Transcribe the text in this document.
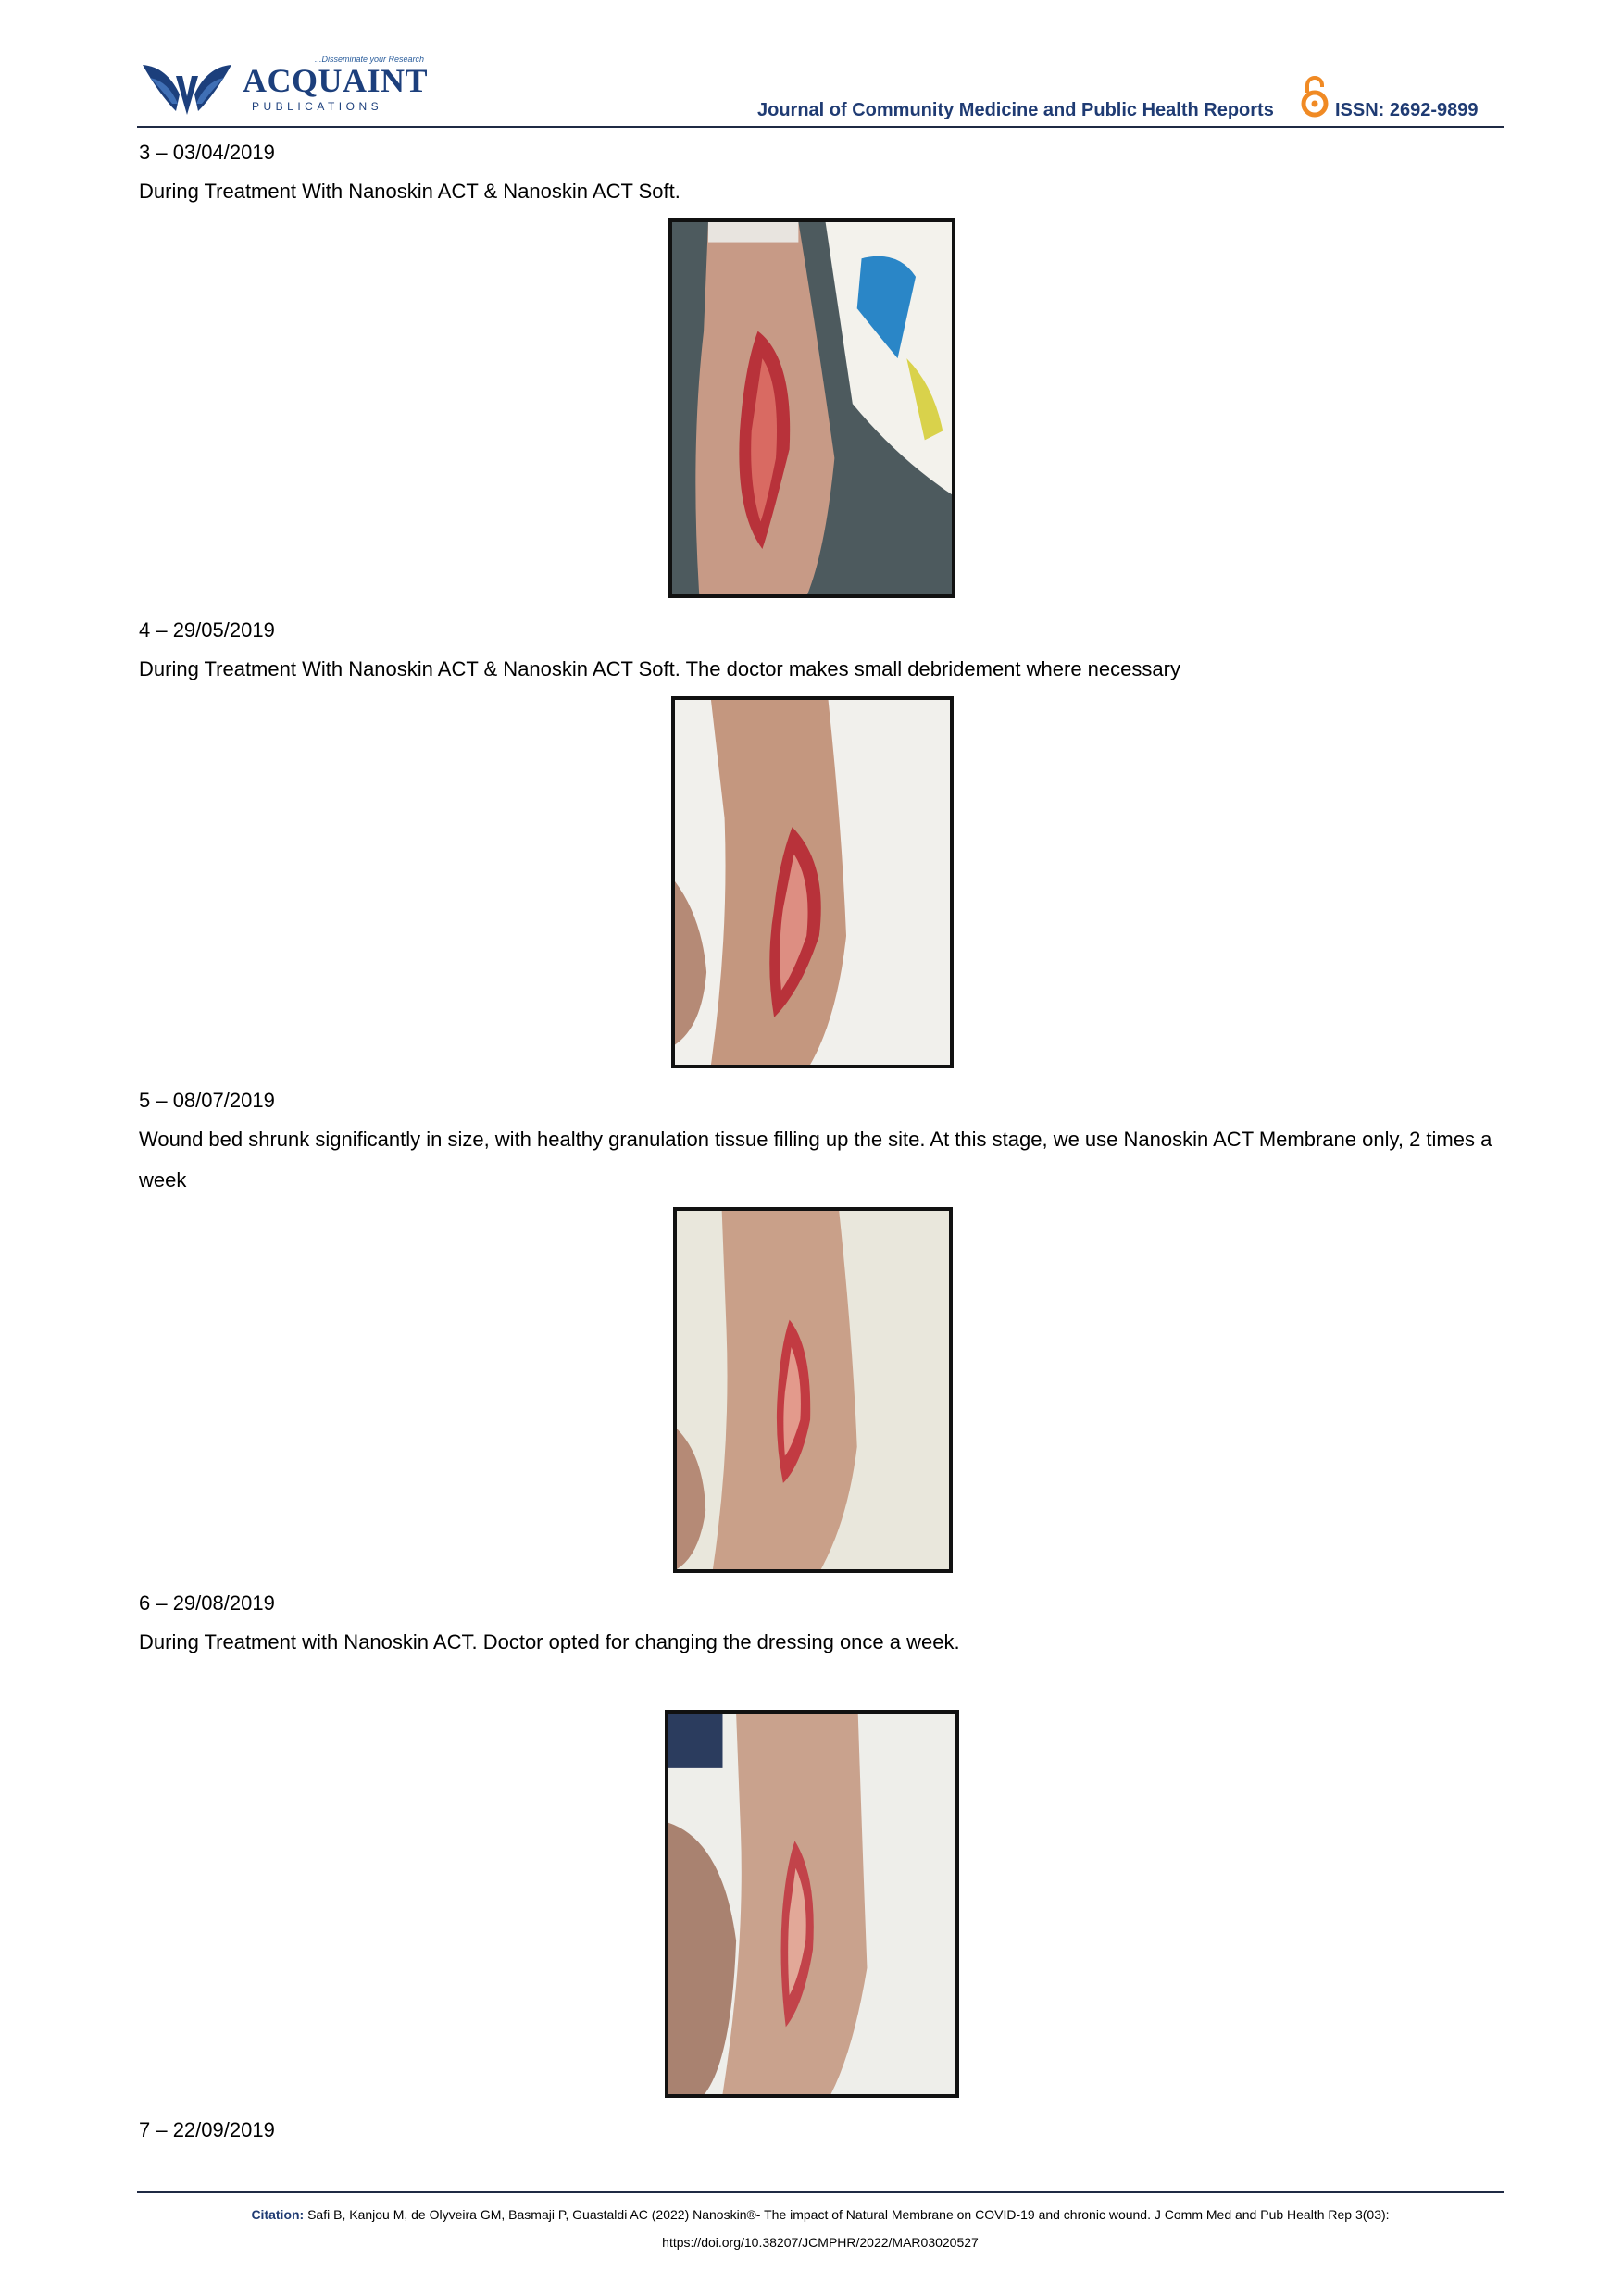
...Disseminate your Research
ACQUAINT
PUBLICATIONS	Journal of Community Medicine and Public Health Reports	ISSN: 2692-9899
3 – 03/04/2019
During Treatment With Nanoskin ACT & Nanoskin ACT Soft.
4 – 29/05/2019
During Treatment With Nanoskin ACT & Nanoskin ACT Soft. The doctor makes small debridement where necessary
5 – 08/07/2019
Wound bed shrunk significantly in size, with healthy granulation tissue filling up the site. At this stage, we use Nanoskin ACT Membrane only, 2 times a week
6 – 29/08/2019
During Treatment with Nanoskin ACT. Doctor opted for changing the dressing once a week.
7 – 22/09/2019
Citation: Safi B, Kanjou M, de Olyveira GM, Basmaji P, Guastaldi AC (2022) Nanoskin®- The impact of Natural Membrane on COVID-19 and chronic wound. J Comm Med and Pub Health Rep 3(03):
https://doi.org/10.38207/JCMPHR/2022/MAR03020527
